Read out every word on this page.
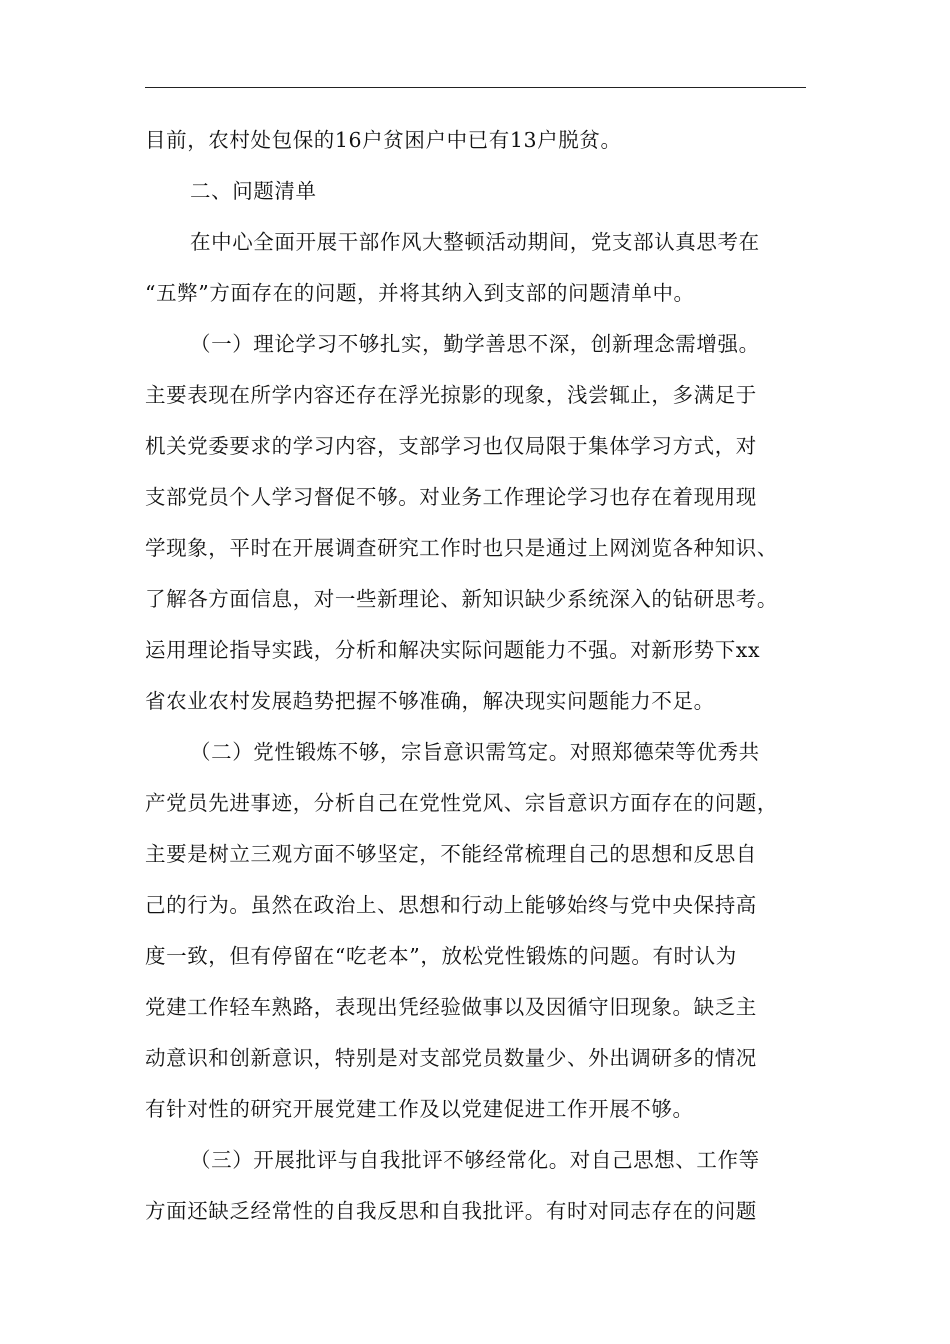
目前，农村处包保的16户贫困户中已有13户脱贫。
二、问题清单
在中心全面开展干部作风大整顿活动期间，党支部认真思考在
“五弊”方面存在的问题，并将其纳入到支部的问题清单中。
（一）理论学习不够扎实，勤学善思不深，创新理念需增强。
主要表现在所学内容还存在浮光掠影的现象，浅尝辄止，多满足于
机关党委要求的学习内容，支部学习也仅局限于集体学习方式，对
支部党员个人学习督促不够。对业务工作理论学习也存在着现用现
学现象，平时在开展调查研究工作时也只是通过上网浏览各种知识、
了解各方面信息，对一些新理论、新知识缺少系统深入的钻研思考。
运用理论指导实践，分析和解决实际问题能力不强。对新形势下xx
省农业农村发展趋势把握不够准确，解决现实问题能力不足。
（二）党性锻炼不够，宗旨意识需笃定。对照郑德荣等优秀共
产党员先进事迹，分析自己在党性党风、宗旨意识方面存在的问题，
主要是树立三观方面不够坚定，不能经常梳理自己的思想和反思自
己的行为。虽然在政治上、思想和行动上能够始终与党中央保持高
度一致，但有停留在“吃老本”，放松党性锻炼的问题。有时认为
党建工作轻车熟路，表现出凭经验做事以及因循守旧现象。缺乏主
动意识和创新意识，特别是对支部党员数量少、外出调研多的情况
有针对性的研究开展党建工作及以党建促进工作开展不够。
（三）开展批评与自我批评不够经常化。对自己思想、工作等
方面还缺乏经常性的自我反思和自我批评。有时对同志存在的问题
